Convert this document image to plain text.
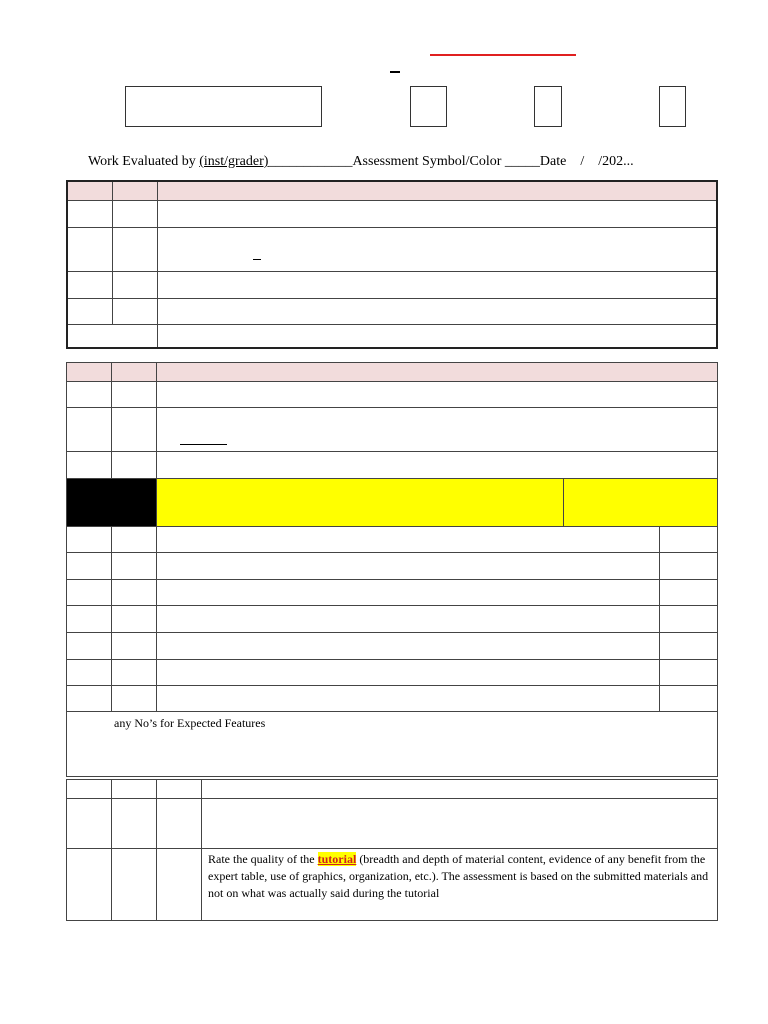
Work Evaluated by (inst/grader)____________Assessment Symbol/Color _____Date    /    /202...

any No’s for Expected Features				

			Rate the quality of the tutorial (breadth and depth of material content, evidence of any benefit from the expert table, use of graphics, organization, etc.). The assessment is based on the submitted materials and not on what was actually said during the tutorial
